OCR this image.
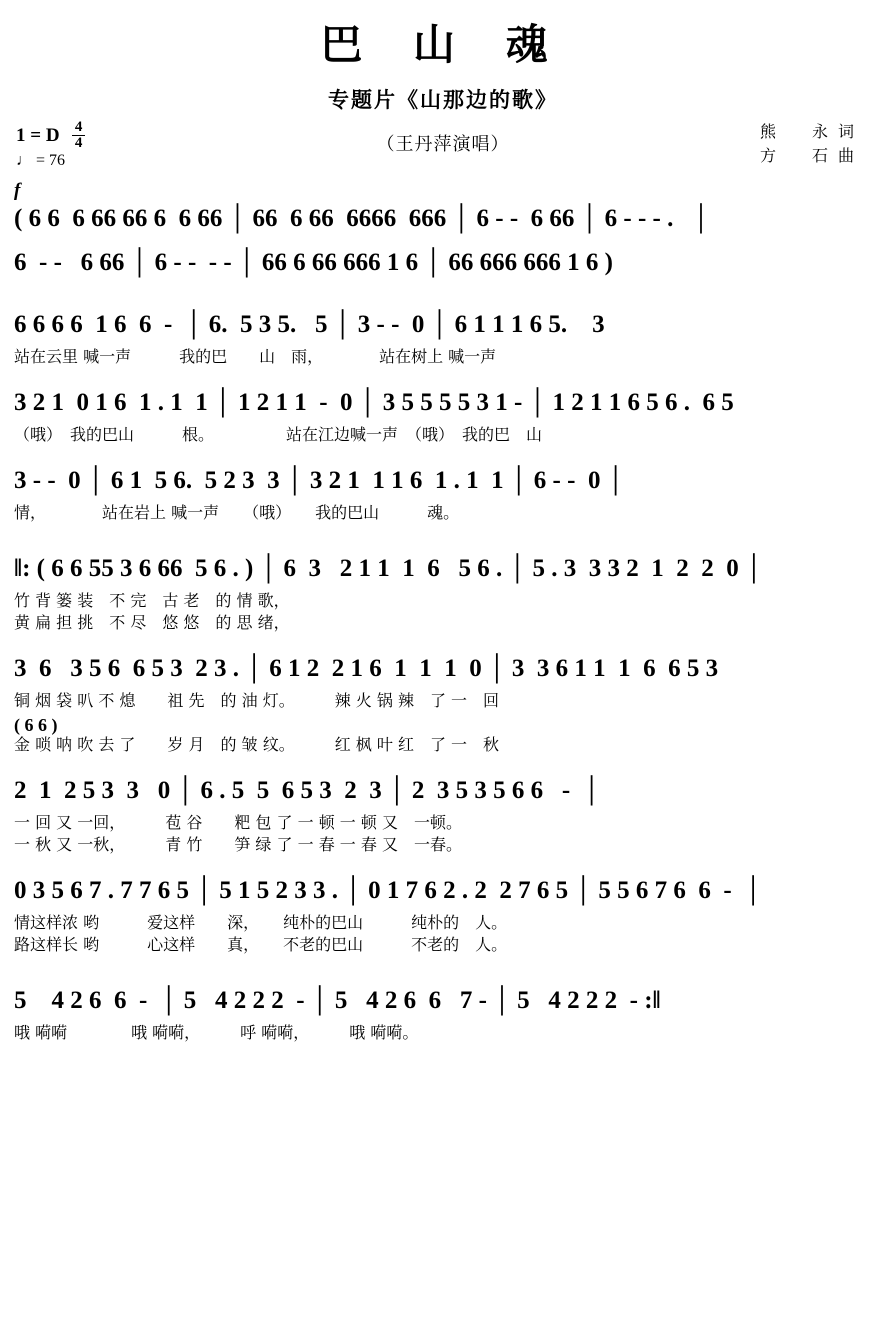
巴 山 魂
专题片《山那边的歌》
（王丹萍演唱）
1 = D $\frac{4}{4}$
♩ = 76
熊　永词
方　石曲
f
( 6 6  6 66 66 6  6 66 │ 66  6 66  6666  666 │ 6 - -  6 66 │ 6 - - - .   │
6  - -   6 66 │ 6 - -  - - │ 66 6 66 666 1 6 │ 66 666 666 1 6 )
6 6 6 6  1 6  6  -  │ 6.  5 3 5.   5 │ 3 - -  0 │ 6 1 1 1 6 5.    3
站在云里 喊一声　　　我的巴　　山　雨，　　　　站在树上 喊一声
3 2 1  0 1 6  1 . 1  1 │ 1 2 1 1  -  0 │ 3 5 5 5 5 3 1 - │ 1 2 1 1 6 5 6 .  6 5
（哦）　我的巴山　　　根。　　　　　站在江边喊一声　（哦）　我的巴　山
3 - -  0 │ 6 1  5 6.  5 2 3  3 │ 3 2 1  1 1 6  1 . 1  1 │ 6 - -  0 │
情，　　　　站在岩上 喊一声　　（哦）　　我的巴山　　　魂。
‖: ( 6 6 55 3 6 66  5 6 . ) │ 6  3   2 1 1  1  6   5 6 . │ 5 . 3  3 3 2  1  2  2  0 │
竹 背 篓 装　不 完　古 老　的 情 歌，
黄 扁 担 挑　不 尽　悠 悠　的 思 绪，
3  6   3 5 6  6 5 3  2 3 . │ 6 1 2  2 1 6  1  1  1  0 │ 3  3 6 1 1  1  6  6 5 3
铜 烟 袋 叭 不 熄　　祖 先　的 油 灯。　　　辣 火 锅 辣　了 一　回
( 6 6 )
金 唢 呐 吹 去 了　　岁 月　的 皱 纹。　　　红 枫 叶 红　了 一　秋
2  1  2 5 3  3   0 │ 6 . 5  5  6 5 3  2  3 │ 2  3 5 3 5 6 6   -  │
一 回 又 一回，　　　苞 谷　　粑 包 了 一 顿 一 顿 又　一顿。
一 秋 又 一秋，　　　青 竹　　笋 绿 了 一 春 一 春 又　一春。
0 3 5 6 7 . 7 7 6 5 │ 5 1 5 2 3 3 . │ 0 1 7 6 2 . 2  2 7 6 5 │ 5 5 6 7 6  6  -  │
情这样浓 哟　　　爱这样　　深，　　纯朴的巴山　　　纯朴的　人。
路这样长 哟　　　心这样　　真，　　不老的巴山　　　不老的　人。
5    4 2 6  6  -  │ 5   4 2 2 2  - │ 5   4 2 6  6   7 - │ 5   4 2 2 2  - :‖
哦 嗬嗬　　　　哦 嗬嗬，　　　呼 嗬嗬，　　　哦 嗬嗬。
